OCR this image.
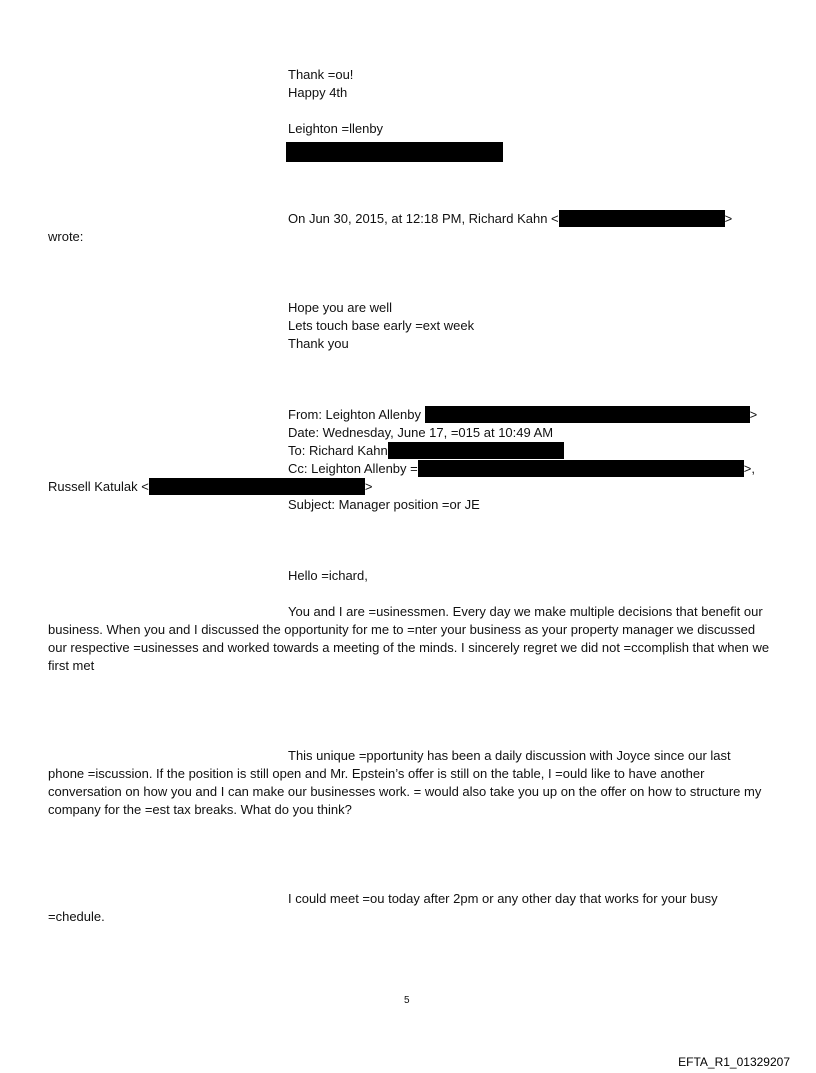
Thank =ou!
Happy 4th
Leighton =llenby
On Jun 30, 2015, at 12:18 PM, Richard Kahn <	>
wrote:
Hope you are well
Lets touch base early =ext week
Thank you
From: Leighton Allenby	>
Date: Wednesday, June 17, =015 at 10:49 AM
To: Richard Kahn
Cc: Leighton Allenby =	>,
Russell Katulak <	>
Subject: Manager position =or JE
Hello =ichard,
You and I are =usinessmen. Every day we make multiple decisions that benefit our business. When you and I discussed the opportunity for me to =nter your business as your property manager we discussed our respective =usinesses and worked towards a meeting of the minds. I sincerely regret we did not =ccomplish that when we first met
This unique =pportunity has been a daily discussion with Joyce since our last phone =iscussion. If the position is still open and Mr. Epstein’s offer is still on the table, I =ould like to have another conversation on how you and I can make our businesses work. = would also take you up on the offer on how to structure my company for the =est tax breaks. What do you think?
I could meet =ou today after 2pm or any other day that works for your busy =chedule.
5
EFTA_R1_01329207
